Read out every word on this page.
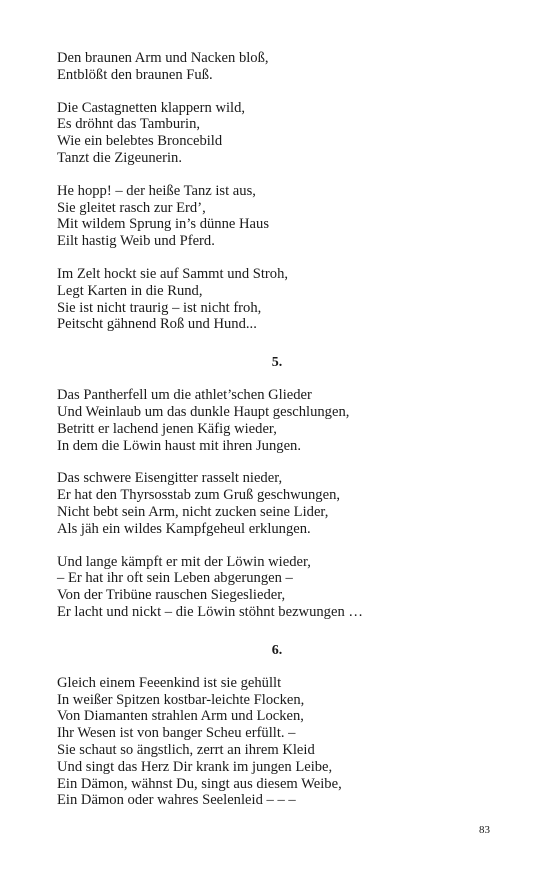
Den braunen Arm und Nacken bloß,
Entblößt den braunen Fuß.
Die Castagnetten klappern wild,
Es dröhnt das Tamburin,
Wie ein belebtes Broncebild
Tanzt die Zigeunerin.
He hopp! – der heiße Tanz ist aus,
Sie gleitet rasch zur Erd’,
Mit wildem Sprung in’s dünne Haus
Eilt hastig Weib und Pferd.
Im Zelt hockt sie auf Sammt und Stroh,
Legt Karten in die Rund,
Sie ist nicht traurig – ist nicht froh,
Peitscht gähnend Roß und Hund...
5.
Das Pantherfell um die athlet’schen Glieder
Und Weinlaub um das dunkle Haupt geschlungen,
Betritt er lachend jenen Käfig wieder,
In dem die Löwin haust mit ihren Jungen.
Das schwere Eisengitter rasselt nieder,
Er hat den Thyrsosstab zum Gruß geschwungen,
Nicht bebt sein Arm, nicht zucken seine Lider,
Als jäh ein wildes Kampfgeheul erklungen.
Und lange kämpft er mit der Löwin wieder,
– Er hat ihr oft sein Leben abgerungen –
Von der Tribüne rauschen Siegeslieder,
Er lacht und nickt – die Löwin stöhnt bezwungen …
6.
Gleich einem Feeenkind ist sie gehüllt
In weißer Spitzen kostbar-leichte Flocken,
Von Diamanten strahlen Arm und Locken,
Ihr Wesen ist von banger Scheu erfüllt. –
Sie schaut so ängstlich, zerrt an ihrem Kleid
Und singt das Herz Dir krank im jungen Leibe,
Ein Dämon, wähnst Du, singt aus diesem Weibe,
Ein Dämon oder wahres Seelenleid – – –
83
